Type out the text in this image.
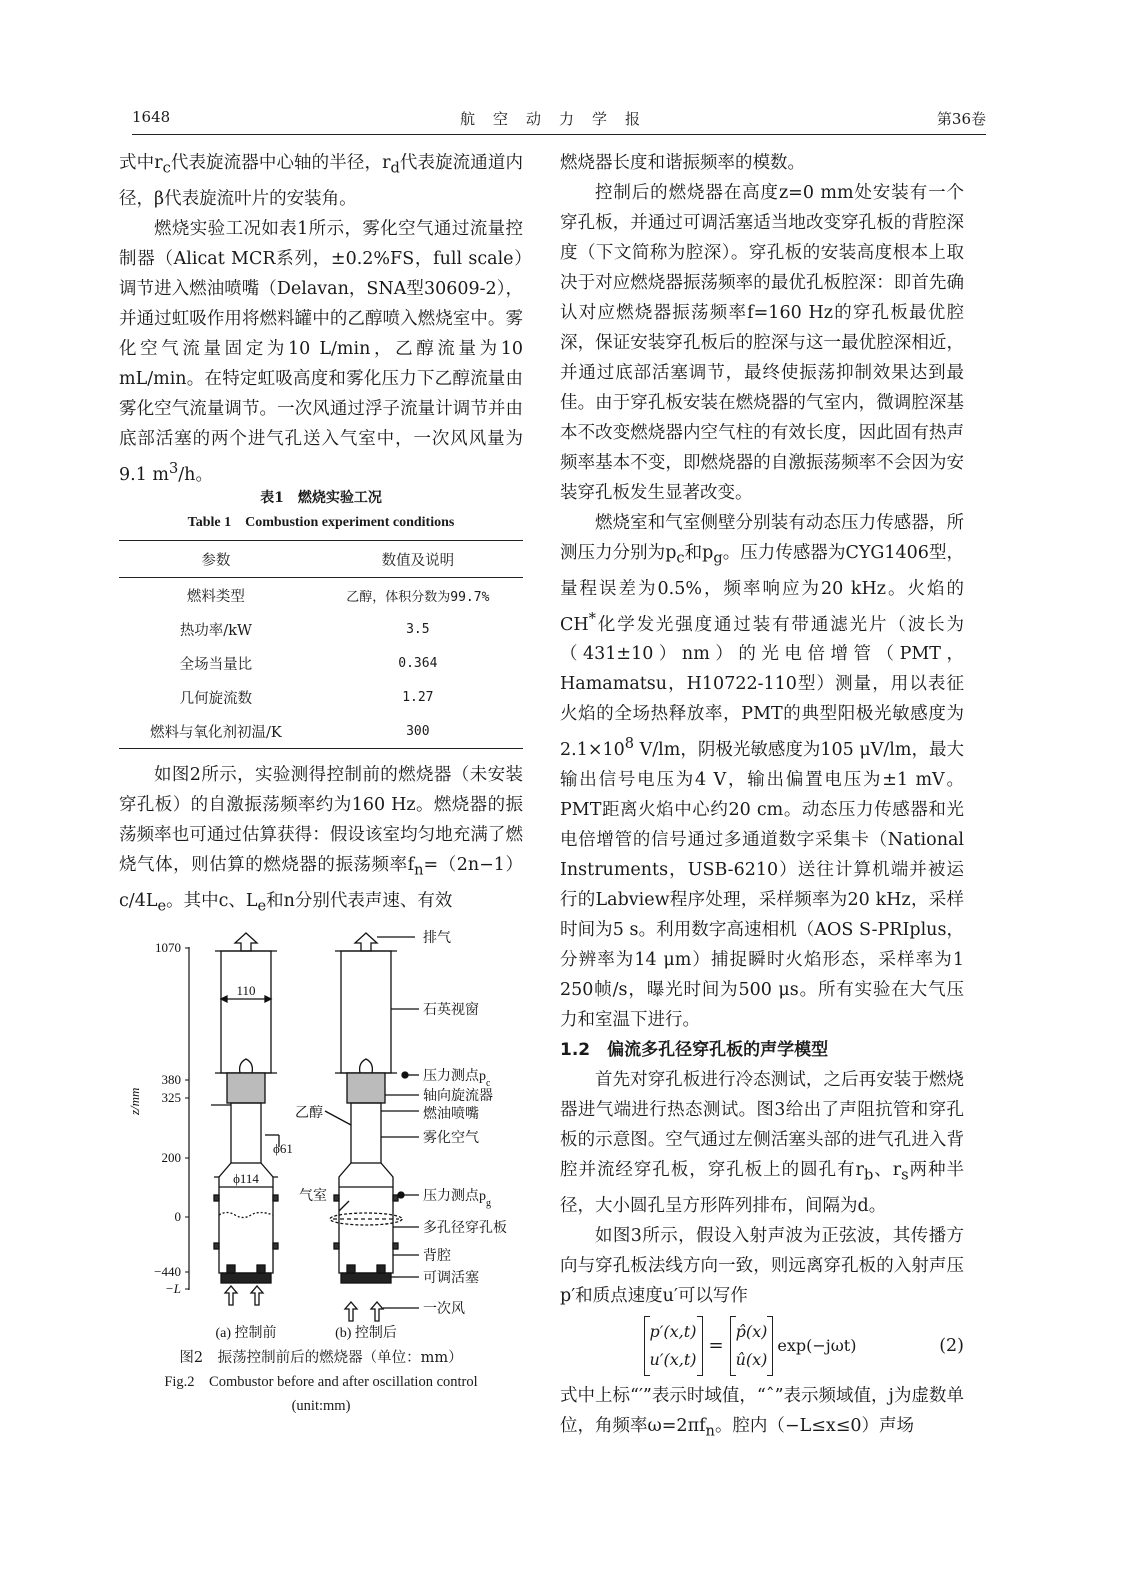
1648	航空动力学报	第36卷

式中$r_c$代表旋流器中心轴的半径，$r_d$代表旋流通道内径，β代表旋流叶片的安装角。

燃烧实验工况如表1所示，雾化空气通过流量控制器（Alicat MCR系列，±0.2%FS，full scale）调节进入燃油喷嘴（Delavan，SNA型30609-2），并通过虹吸作用将燃料罐中的乙醇喷入燃烧室中。雾化空气流量固定为10 L/min，乙醇流量为10 mL/min。在特定虹吸高度和雾化压力下乙醇流量由雾化空气流量调节。一次风通过浮子流量计调节并由底部活塞的两个进气孔送入气室中，一次风风量为9.1 $m^3/h$。

表1　燃烧实验工况
Table 1　Combustion experiment conditions
参数	数值及说明
燃料类型	乙醇，体积分数为99.7%
热功率/kW	3.5
全场当量比	0.364
几何旋流数	1.27
燃料与氧化剂初温/K	300

如图2所示，实验测得控制前的燃烧器（未安装穿孔板）的自激振荡频率约为160 Hz。燃烧器的振荡频率也可通过估算获得：假设该室均匀地充满了燃烧气体，则估算的燃烧器的振荡频率$f_n=(2n-1)c/4L_e$。其中c、$L_e$和n分别代表声速、有效

z/mm
1070
380
325
200
0
−440
−L
110
ϕ61
ϕ114
排气
石英视窗
压力测点$p_c$
轴向旋流器
燃油喷嘴
雾化空气
压力测点$p_g$
多孔径穿孔板
背腔
可调活塞
一次风
乙醇
气室
(a) 控制前	(b) 控制后
图2　振荡控制前后的燃烧器（单位：mm）
Fig.2　Combustor before and after oscillation control
(unit:mm)

燃烧器长度和谐振频率的模数。

控制后的燃烧器在高度z=0 mm处安装有一个穿孔板，并通过可调活塞适当地改变穿孔板的背腔深度（下文简称为腔深）。穿孔板的安装高度根本上取决于对应燃烧器振荡频率的最优孔板腔深：即首先确认对应燃烧器振荡频率f=160 Hz的穿孔板最优腔深，保证安装穿孔板后的腔深与这一最优腔深相近，并通过底部活塞调节，最终使振荡抑制效果达到最佳。由于穿孔板安装在燃烧器的气室内，微调腔深基本不改变燃烧器内空气柱的有效长度，因此固有热声频率基本不变，即燃烧器的自激振荡频率不会因为安装穿孔板发生显著改变。

燃烧室和气室侧壁分别装有动态压力传感器，所测压力分别为$p_c$和$p_g$。压力传感器为CYG1406型，量程误差为0.5%，频率响应为20 kHz。火焰的CH*化学发光强度通过装有带通滤光片（波长为（431±10）nm）的光电倍增管（PMT，Hamamatsu，H10722-110型）测量，用以表征火焰的全场热释放率，PMT的典型阳极光敏感度为$2.1\times 10^8$ V/lm，阴极光敏感度为105 μV/lm，最大输出信号电压为4 V，输出偏置电压为±1 mV。PMT距离火焰中心约20 cm。动态压力传感器和光电倍增管的信号通过多通道数字采集卡（National Instruments，USB-6210）送往计算机端并被运行的Labview程序处理，采样频率为20 kHz，采样时间为5 s。利用数字高速相机（AOS S-PRIplus，分辨率为14 μm）捕捉瞬时火焰形态，采样率为1 250帧/s，曝光时间为500 μs。所有实验在大气压力和室温下进行。

1.2　偏流多孔径穿孔板的声学模型

首先对穿孔板进行冷态测试，之后再安装于燃烧器进气端进行热态测试。图3给出了声阻抗管和穿孔板的示意图。空气通过左侧活塞头部的进气孔进入背腔并流经穿孔板，穿孔板上的圆孔有$r_b$、$r_s$两种半径，大小圆孔呈方形阵列排布，间隔为d。

如图3所示，假设入射声波为正弦波，其传播方向与穿孔板法线方向一致，则远离穿孔板的入射声压p′和质点速度u′可以写作

p′(x,t)
u′(x,t)
=
p̂(x)
û(x)
exp(−jωt)	(2)

式中上标“′”表示时域值，“ˆ”表示频域值，j为虚数单位，角频率$\omega=2\pi f_n$。腔内（−L≤x≤0）声场
